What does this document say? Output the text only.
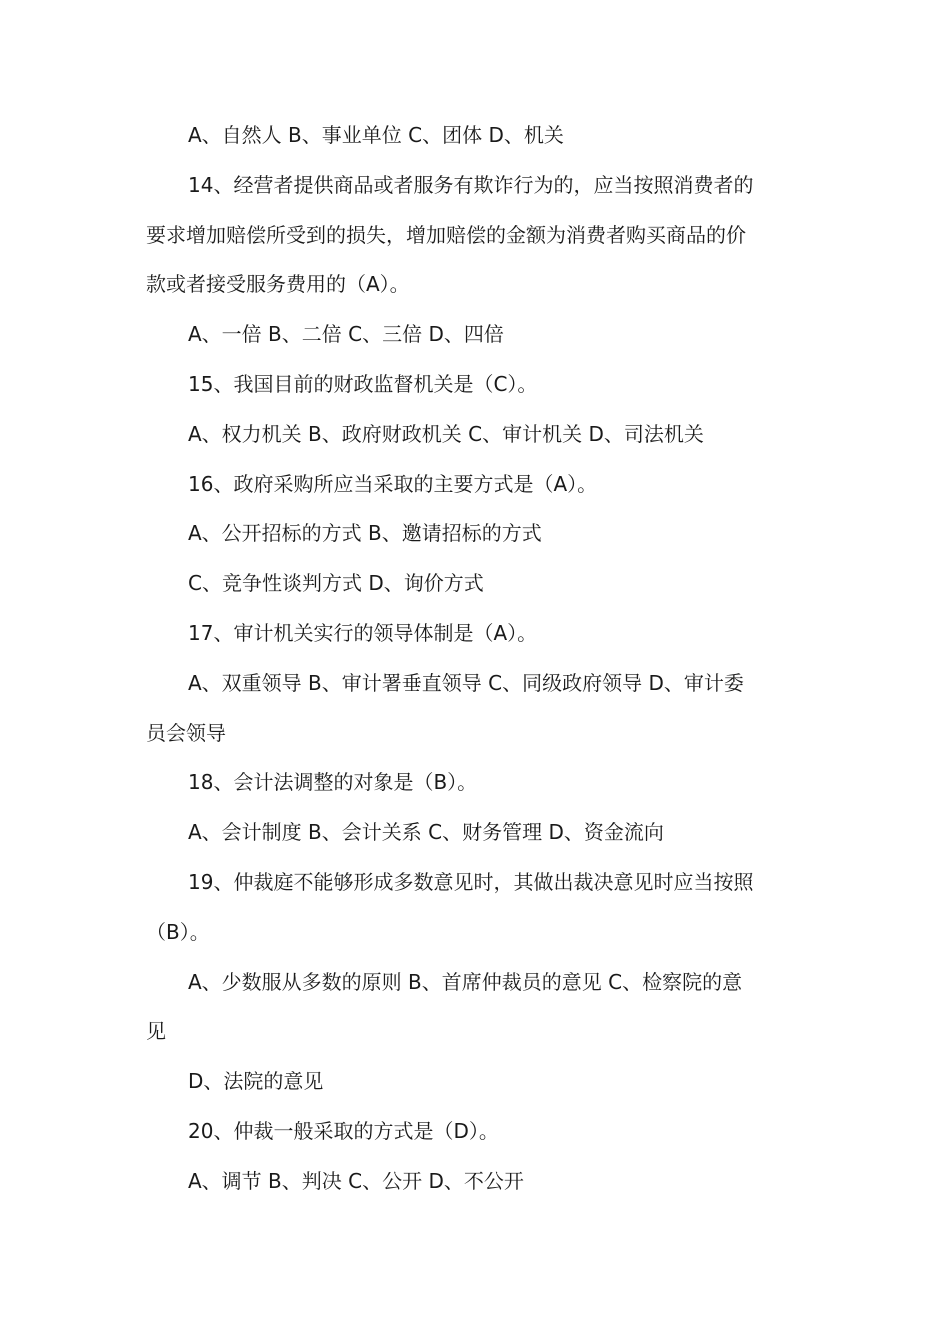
A、自然人 B、事业单位 C、团体 D、机关
14、经营者提供商品或者服务有欺诈行为的，应当按照消费者的
要求增加赔偿所受到的损失，增加赔偿的金额为消费者购买商品的价
款或者接受服务费用的（A）。
A、一倍 B、二倍 C、三倍 D、四倍
15、我国目前的财政监督机关是（C）。
A、权力机关 B、政府财政机关 C、审计机关 D、司法机关
16、政府采购所应当采取的主要方式是（A）。
A、公开招标的方式 B、邀请招标的方式
C、竞争性谈判方式 D、询价方式
17、审计机关实行的领导体制是（A）。
A、双重领导 B、审计署垂直领导 C、同级政府领导 D、审计委
员会领导
18、会计法调整的对象是（B）。
A、会计制度 B、会计关系 C、财务管理 D、资金流向
19、仲裁庭不能够形成多数意见时，其做出裁决意见时应当按照
（B）。
A、少数服从多数的原则 B、首席仲裁员的意见 C、检察院的意
见
D、法院的意见
20、仲裁一般采取的方式是（D）。
A、调节 B、判决 C、公开 D、不公开
